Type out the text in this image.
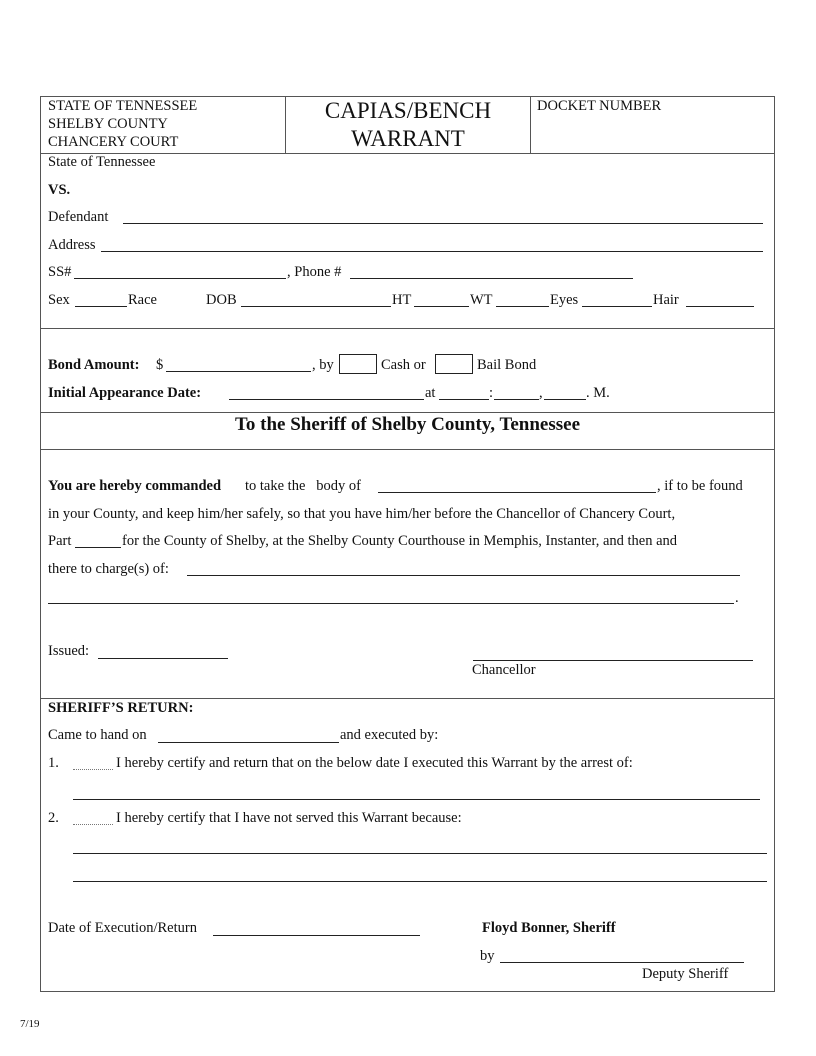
STATE OF TENNESSEE
SHELBY COUNTY
CHANCERY COURT
CAPIAS/BENCH
WARRANT
DOCKET NUMBER
State of Tennessee
VS.
Defendant
Address
SS#	, Phone #
Sex	Race	DOB	HT	WT	Eyes	Hair
Bond Amount: $	, by	Cash or	Bail Bond
Initial Appearance Date:	at	:	,	. M.
To the Sheriff of Shelby County, Tennessee
You are hereby commanded to take the   body of	, if to be found
in your County, and keep him/her safely, so that you have him/her before the Chancellor of Chancery Court,
Part	for the County of Shelby, at the Shelby County Courthouse in Memphis, Instanter, and then and
there to charge(s) of:
.
Issued:
Chancellor
SHERIFF’S RETURN:
Came to hand on	and executed by:
1.	I hereby certify and return that on the below date I executed this Warrant by the arrest of:
2.	I hereby certify that I have not served this Warrant because:
Date of Execution/Return	Floyd Bonner, Sheriff
by
Deputy Sheriff
7/19
